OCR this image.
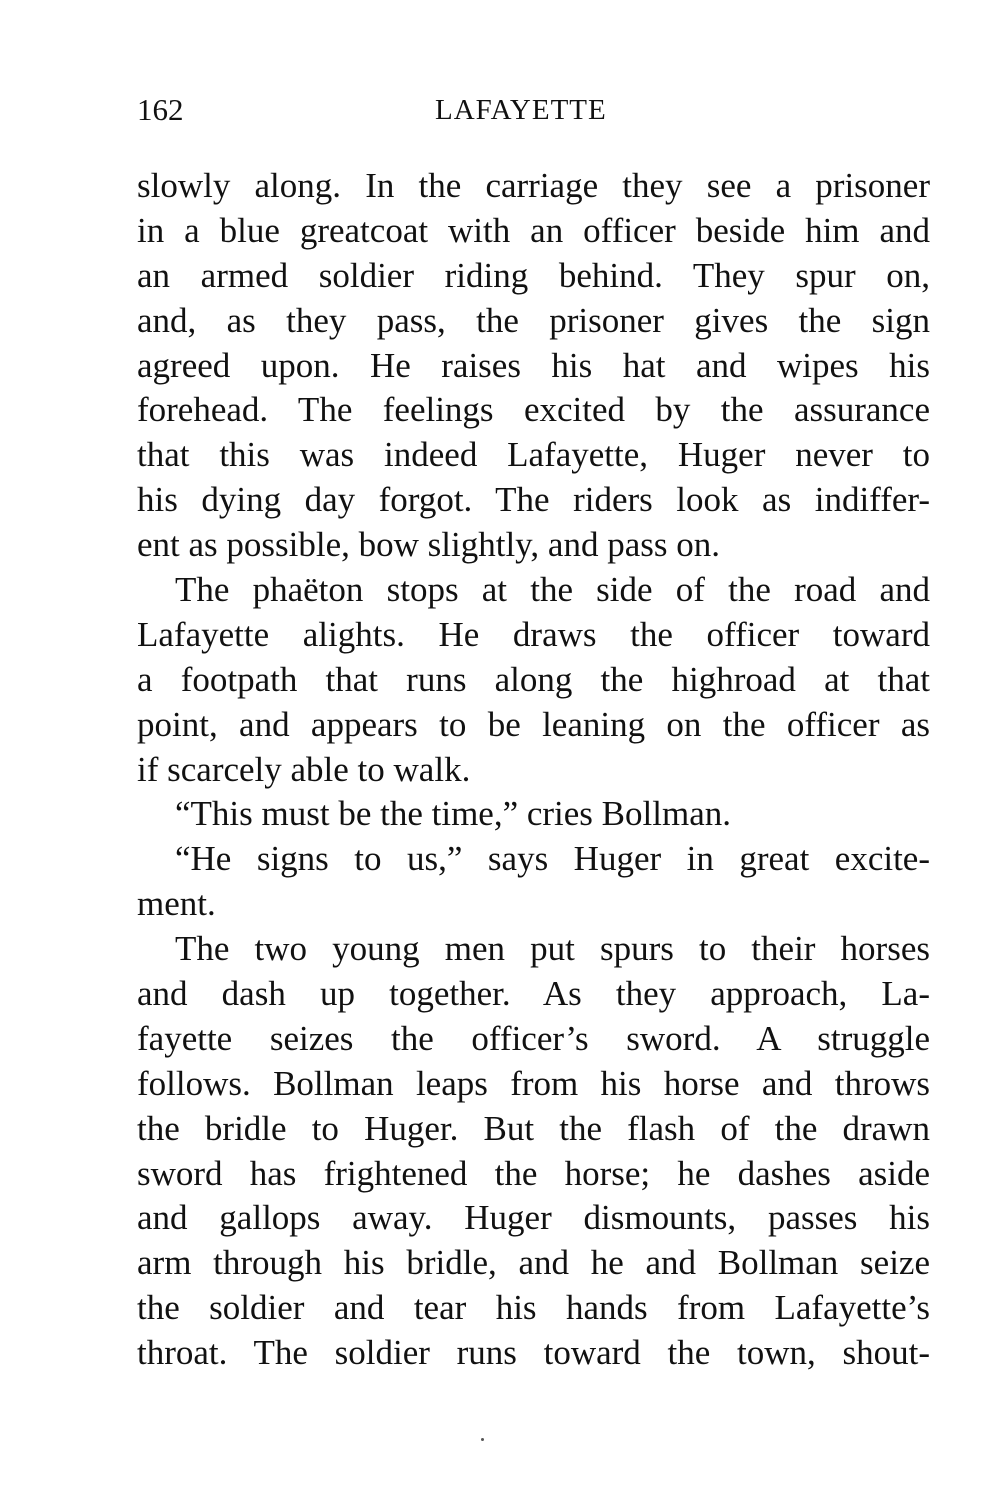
162	LAFAYETTE
slowly along. In the carriage they see a prisoner
in a blue greatcoat with an officer beside him and
an armed soldier riding behind. They spur on,
and, as they pass, the prisoner gives the sign
agreed upon. He raises his hat and wipes his
forehead. The feelings excited by the assurance
that this was indeed Lafayette, Huger never to
his dying day forgot. The riders look as indiffer-
ent as possible, bow slightly, and pass on.
The phaëton stops at the side of the road and
Lafayette alights. He draws the officer toward
a footpath that runs along the highroad at that
point, and appears to be leaning on the officer as
if scarcely able to walk.
“This must be the time,” cries Bollman.
“He signs to us,” says Huger in great excite-
ment.
The two young men put spurs to their horses
and dash up together. As they approach, La-
fayette seizes the officer’s sword. A struggle
follows. Bollman leaps from his horse and throws
the bridle to Huger. But the flash of the drawn
sword has frightened the horse; he dashes aside
and gallops away. Huger dismounts, passes his
arm through his bridle, and he and Bollman seize
the soldier and tear his hands from Lafayette’s
throat. The soldier runs toward the town, shout-
